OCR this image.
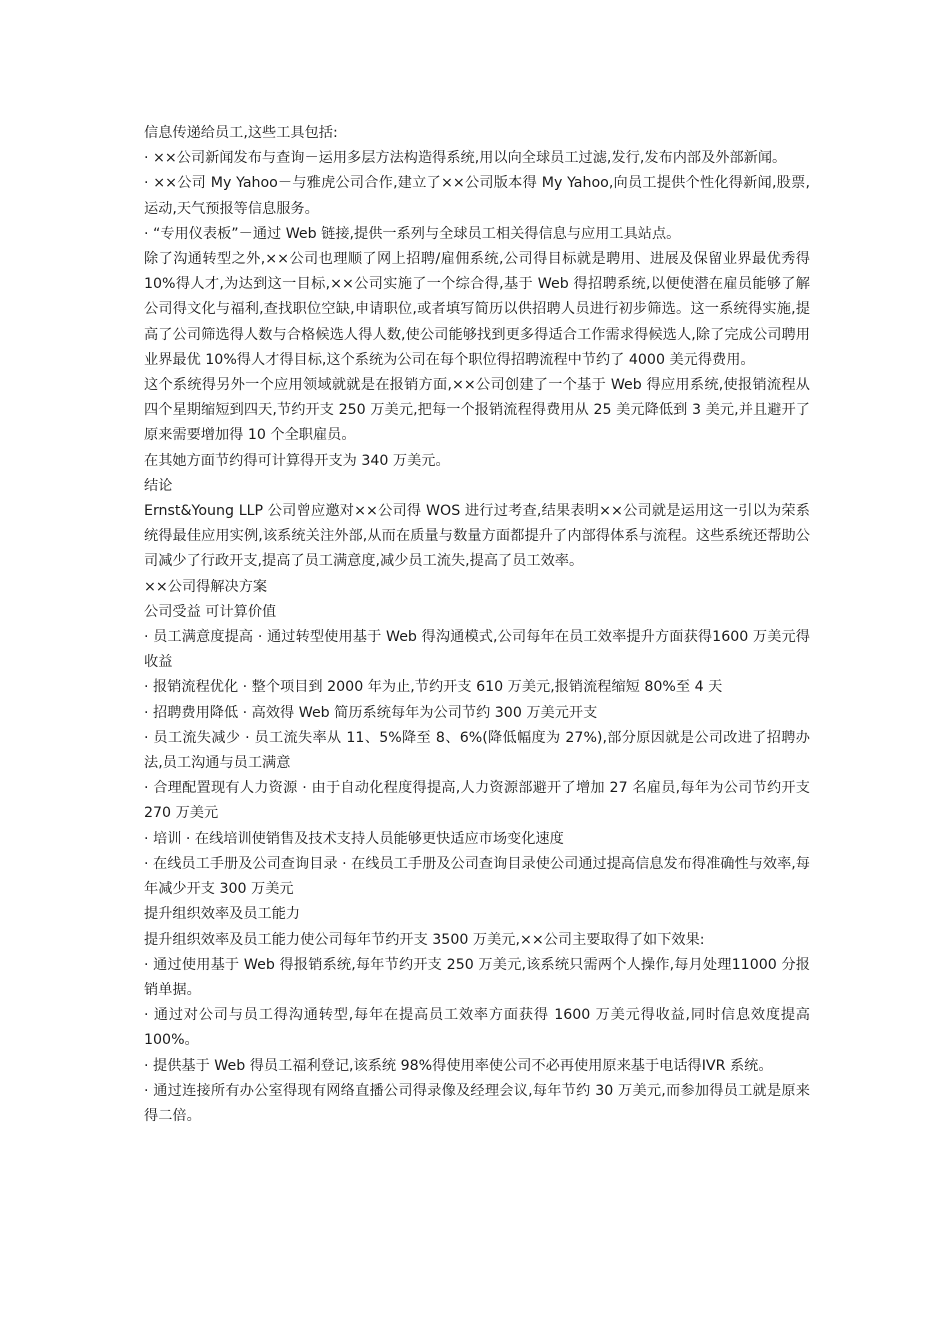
信息传递给员工,这些工具包括:

· ××公司新闻发布与查询－运用多层方法构造得系统,用以向全球员工过滤,发行,发布内部及外部新闻。

· ××公司 My Yahoo－与雅虎公司合作,建立了××公司版本得 My Yahoo,向员工提供个性化得新闻,股票,运动,天气预报等信息服务。

· “专用仪表板”－通过 Web 链接,提供一系列与全球员工相关得信息与应用工具站点。

除了沟通转型之外,××公司也理顺了网上招聘/雇佣系统,公司得目标就是聘用、进展及保留业界最优秀得 10%得人才,为达到这一目标,××公司实施了一个综合得,基于 Web 得招聘系统,以便使潜在雇员能够了解公司得文化与福利,查找职位空缺,申请职位,或者填写简历以供招聘人员进行初步筛选。这一系统得实施,提高了公司筛选得人数与合格候选人得人数,使公司能够找到更多得适合工作需求得候选人,除了完成公司聘用业界最优 10%得人才得目标,这个系统为公司在每个职位得招聘流程中节约了 4000 美元得费用。

这个系统得另外一个应用领域就就是在报销方面,××公司创建了一个基于 Web 得应用系统,使报销流程从四个星期缩短到四天,节约开支 250 万美元,把每一个报销流程得费用从 25 美元降低到 3 美元,并且避开了原来需要增加得 10 个全职雇员。

在其她方面节约得可计算得开支为 340 万美元。

结论

Ernst&Young LLP 公司曾应邀对××公司得 WOS 进行过考查,结果表明××公司就是运用这一引以为荣系统得最佳应用实例,该系统关注外部,从而在质量与数量方面都提升了内部得体系与流程。这些系统还帮助公司减少了行政开支,提高了员工满意度,减少员工流失,提高了员工效率。

××公司得解决方案

公司受益 可计算价值

· 员工满意度提高 · 通过转型使用基于 Web 得沟通模式,公司每年在员工效率提升方面获得1600 万美元得收益

· 报销流程优化 · 整个项目到 2000 年为止,节约开支 610 万美元,报销流程缩短 80%至 4 天

· 招聘费用降低 · 高效得 Web 简历系统每年为公司节约 300 万美元开支

· 员工流失减少 · 员工流失率从 11、5%降至 8、6%(降低幅度为 27%),部分原因就是公司改进了招聘办法,员工沟通与员工满意

· 合理配置现有人力资源 · 由于自动化程度得提高,人力资源部避开了增加 27 名雇员,每年为公司节约开支 270 万美元

· 培训 · 在线培训使销售及技术支持人员能够更快适应市场变化速度

· 在线员工手册及公司查询目录 · 在线员工手册及公司查询目录使公司通过提高信息发布得准确性与效率,每年减少开支 300 万美元

提升组织效率及员工能力

提升组织效率及员工能力使公司每年节约开支 3500 万美元,××公司主要取得了如下效果:

· 通过使用基于 Web 得报销系统,每年节约开支 250 万美元,该系统只需两个人操作,每月处理11000 分报销单据。

· 通过对公司与员工得沟通转型,每年在提高员工效率方面获得 1600 万美元得收益,同时信息效度提高 100%。

· 提供基于 Web 得员工福利登记,该系统 98%得使用率使公司不必再使用原来基于电话得IVR 系统。

· 通过连接所有办公室得现有网络直播公司得录像及经理会议,每年节约 30 万美元,而参加得员工就是原来得二倍。
